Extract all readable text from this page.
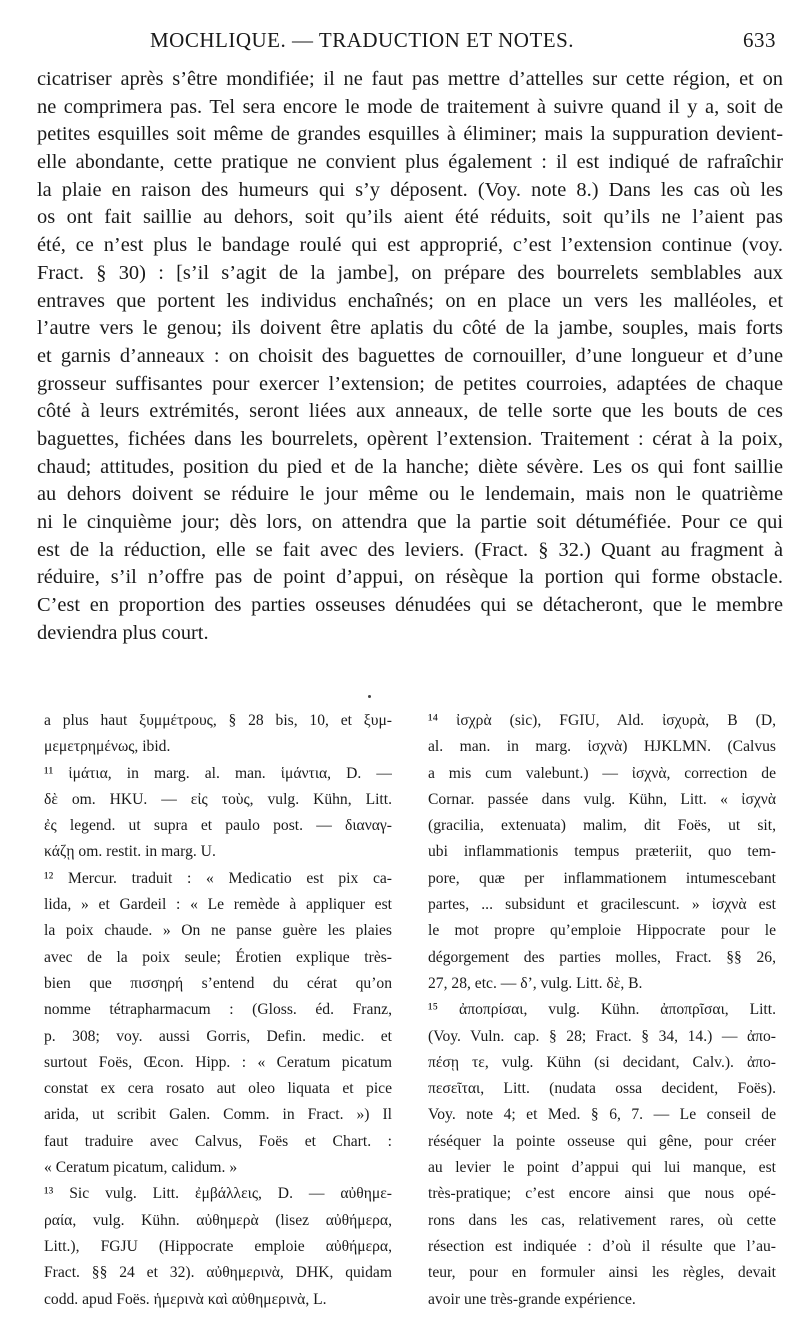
MOCHLIQUE. — TRADUCTION ET NOTES.	633
cicatriser après s’être mondifiée; il ne faut pas mettre d’attelles sur cette région, et on
ne comprimera pas. Tel sera encore le mode de traitement à suivre quand il y a, soit de
petites esquilles soit même de grandes esquilles à éliminer; mais la suppuration devient-
elle abondante, cette pratique ne convient plus également : il est indiqué de rafraîchir
la plaie en raison des humeurs qui s’y déposent. (Voy. note 8.) Dans les cas où les
os ont fait saillie au dehors, soit qu’ils aient été réduits, soit qu’ils ne l’aient pas
été, ce n’est plus le bandage roulé qui est approprié, c’est l’extension continue (voy.
Fract. § 30) : [s’il s’agit de la jambe], on prépare des bourrelets semblables aux
entraves que portent les individus enchaînés; on en place un vers les malléoles, et
l’autre vers le genou; ils doivent être aplatis du côté de la jambe, souples, mais forts
et garnis d’anneaux : on choisit des baguettes de cornouiller, d’une longueur et d’une
grosseur suffisantes pour exercer l’extension; de petites courroies, adaptées de chaque
côté à leurs extrémités, seront liées aux anneaux, de telle sorte que les bouts de ces
baguettes, fichées dans les bourrelets, opèrent l’extension. Traitement : cérat à la poix,
chaud; attitudes, position du pied et de la hanche; diète sévère. Les os qui font saillie
au dehors doivent se réduire le jour même ou le lendemain, mais non le quatrième
ni le cinquième jour; dès lors, on attendra que la partie soit détuméfiée. Pour ce qui
est de la réduction, elle se fait avec des leviers. (Fract. § 32.) Quant au fragment à
réduire, s’il n’offre pas de point d’appui, on résèque la portion qui forme obstacle.
C’est en proportion des parties osseuses dénudées qui se détacheront, que le membre
deviendra plus court.
a plus haut ξυμμέτρους, § 28 bis, 10, et ξυμ-
μεμετρημένως, ibid.
¹¹ ἱμάτια, in marg. al. man. ἱμάντια, D. —
δὲ om. HKU. — εἰς τοὺς, vulg. Kühn, Litt.
ἐς legend. ut supra et paulo post. — διαναγ-
κάζῃ om. restit. in marg. U.
¹² Mercur. traduit : « Medicatio est pix ca-
lida, » et Gardeil : « Le remède à appliquer est
la poix chaude. » On ne panse guère les plaies
avec de la poix seule; Érotien explique très-
bien que πισσηρή s’entend du cérat qu’on
nomme tétrapharmacum : (Gloss. éd. Franz,
p. 308; voy. aussi Gorris, Defin. medic. et
surtout Foës, Œcon. Hipp. : « Ceratum picatum
constat ex cera rosato aut oleo liquata et pice
arida, ut scribit Galen. Comm. in Fract. ») Il
faut traduire avec Calvus, Foës et Chart. :
« Ceratum picatum, calidum. »
¹³ Sic vulg. Litt. ἐμβάλλεις, D. — αὐθημε-
ραία, vulg. Kühn. αὐθημερὰ (lisez αὐθήμερα,
Litt.), FGJU (Hippocrate emploie αὐθήμερα,
Fract. §§ 24 et 32). αὐθημερινὰ, DHK, quidam
codd. apud Foës. ἡμερινὰ καὶ αὐθημερινὰ, L.
¹⁴ ἰσχρὰ (sic), FGIU, Ald. ἰσχυρὰ, B (D,
al. man. in marg. ἰσχνὰ) HJKLMN. (Calvus
a mis cum valebunt.) — ἰσχνὰ, correction de
Cornar. passée dans vulg. Kühn, Litt. « ἰσχνὰ
(gracilia, extenuata) malim, dit Foës, ut sit,
ubi inflammationis tempus præteriit, quo tem-
pore, quæ per inflammationem intumescebant
partes, ... subsidunt et gracilescunt. » ἰσχνὰ est
le mot propre qu’emploie Hippocrate pour le
dégorgement des parties molles, Fract. §§ 26,
27, 28, etc. — δ’, vulg. Litt. δὲ, B.
¹⁵ ἀποπρίσαι, vulg. Kühn. ἀποπρῖσαι, Litt.
(Voy. Vuln. cap. § 28; Fract. § 34, 14.) — ἀπο-
πέσῃ τε, vulg. Kühn (si decidant, Calv.). ἀπο-
πεσεῖται, Litt. (nudata ossa decident, Foës).
Voy. note 4; et Med. § 6, 7. — Le conseil de
réséquer la pointe osseuse qui gêne, pour créer
au levier le point d’appui qui lui manque, est
très-pratique; c’est encore ainsi que nous opé-
rons dans les cas, relativement rares, où cette
résection est indiquée : d’où il résulte que l’au-
teur, pour en formuler ainsi les règles, devait
avoir une très-grande expérience.
